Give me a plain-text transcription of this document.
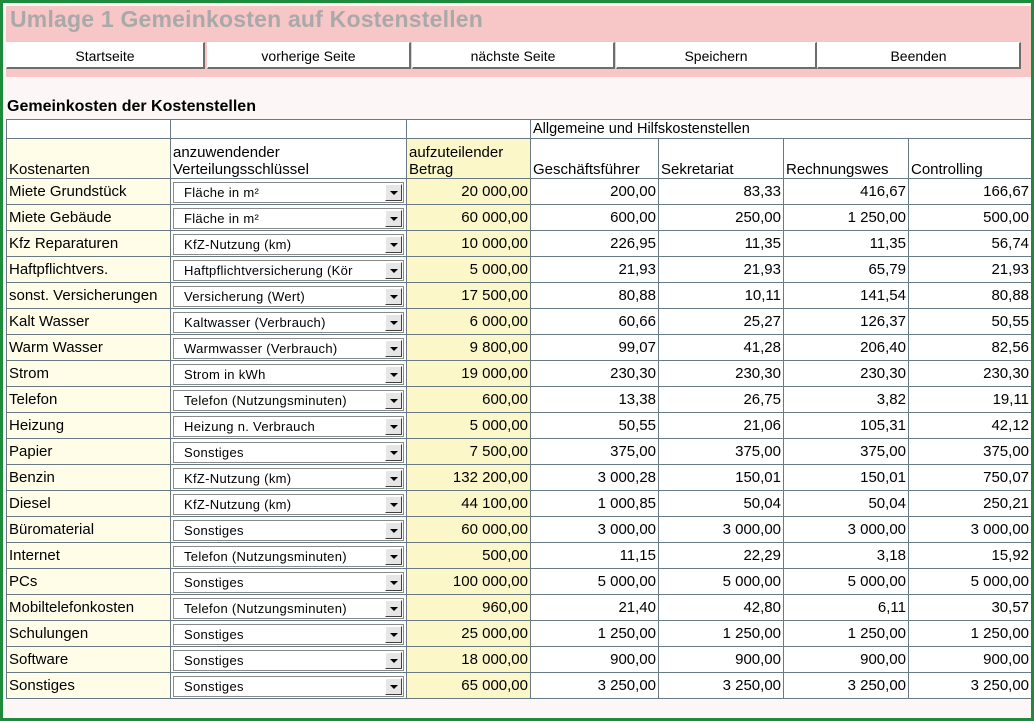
Umlage 1 Gemeinkosten auf Kostenstellen
Startseite	vorherige Seite	nächste Seite	Speichern	Beenden
Gemeinkosten der Kostenstellen
			Allgemeine und Hilfskostenstellen			
Kostenarten	anzuwendender Verteilungsschlüssel	aufzuteilender Betrag	Geschäftsführer	Sekretariat	Rechnungswes	Controlling
Miete Grundstück	Fläche in m²	20 000,00	200,00	83,33	416,67	166,67
Miete Gebäude	Fläche in m²	60 000,00	600,00	250,00	1 250,00	500,00
Kfz Reparaturen	KfZ-Nutzung (km)	10 000,00	226,95	11,35	11,35	56,74
Haftpflichtvers.	Haftpflichtversicherung (Kör	5 000,00	21,93	21,93	65,79	21,93
sonst. Versicherungen	Versicherung (Wert)	17 500,00	80,88	10,11	141,54	80,88
Kalt Wasser	Kaltwasser (Verbrauch)	6 000,00	60,66	25,27	126,37	50,55
Warm Wasser	Warmwasser (Verbrauch)	9 800,00	99,07	41,28	206,40	82,56
Strom	Strom in kWh	19 000,00	230,30	230,30	230,30	230,30
Telefon	Telefon (Nutzungsminuten)	600,00	13,38	26,75	3,82	19,11
Heizung	Heizung n. Verbrauch	5 000,00	50,55	21,06	105,31	42,12
Papier	Sonstiges	7 500,00	375,00	375,00	375,00	375,00
Benzin	KfZ-Nutzung (km)	132 200,00	3 000,28	150,01	150,01	750,07
Diesel	KfZ-Nutzung (km)	44 100,00	1 000,85	50,04	50,04	250,21
Büromaterial	Sonstiges	60 000,00	3 000,00	3 000,00	3 000,00	3 000,00
Internet	Telefon (Nutzungsminuten)	500,00	11,15	22,29	3,18	15,92
PCs	Sonstiges	100 000,00	5 000,00	5 000,00	5 000,00	5 000,00
Mobiltelefonkosten	Telefon (Nutzungsminuten)	960,00	21,40	42,80	6,11	30,57
Schulungen	Sonstiges	25 000,00	1 250,00	1 250,00	1 250,00	1 250,00
Software	Sonstiges	18 000,00	900,00	900,00	900,00	900,00
Sonstiges	Sonstiges	65 000,00	3 250,00	3 250,00	3 250,00	3 250,00
